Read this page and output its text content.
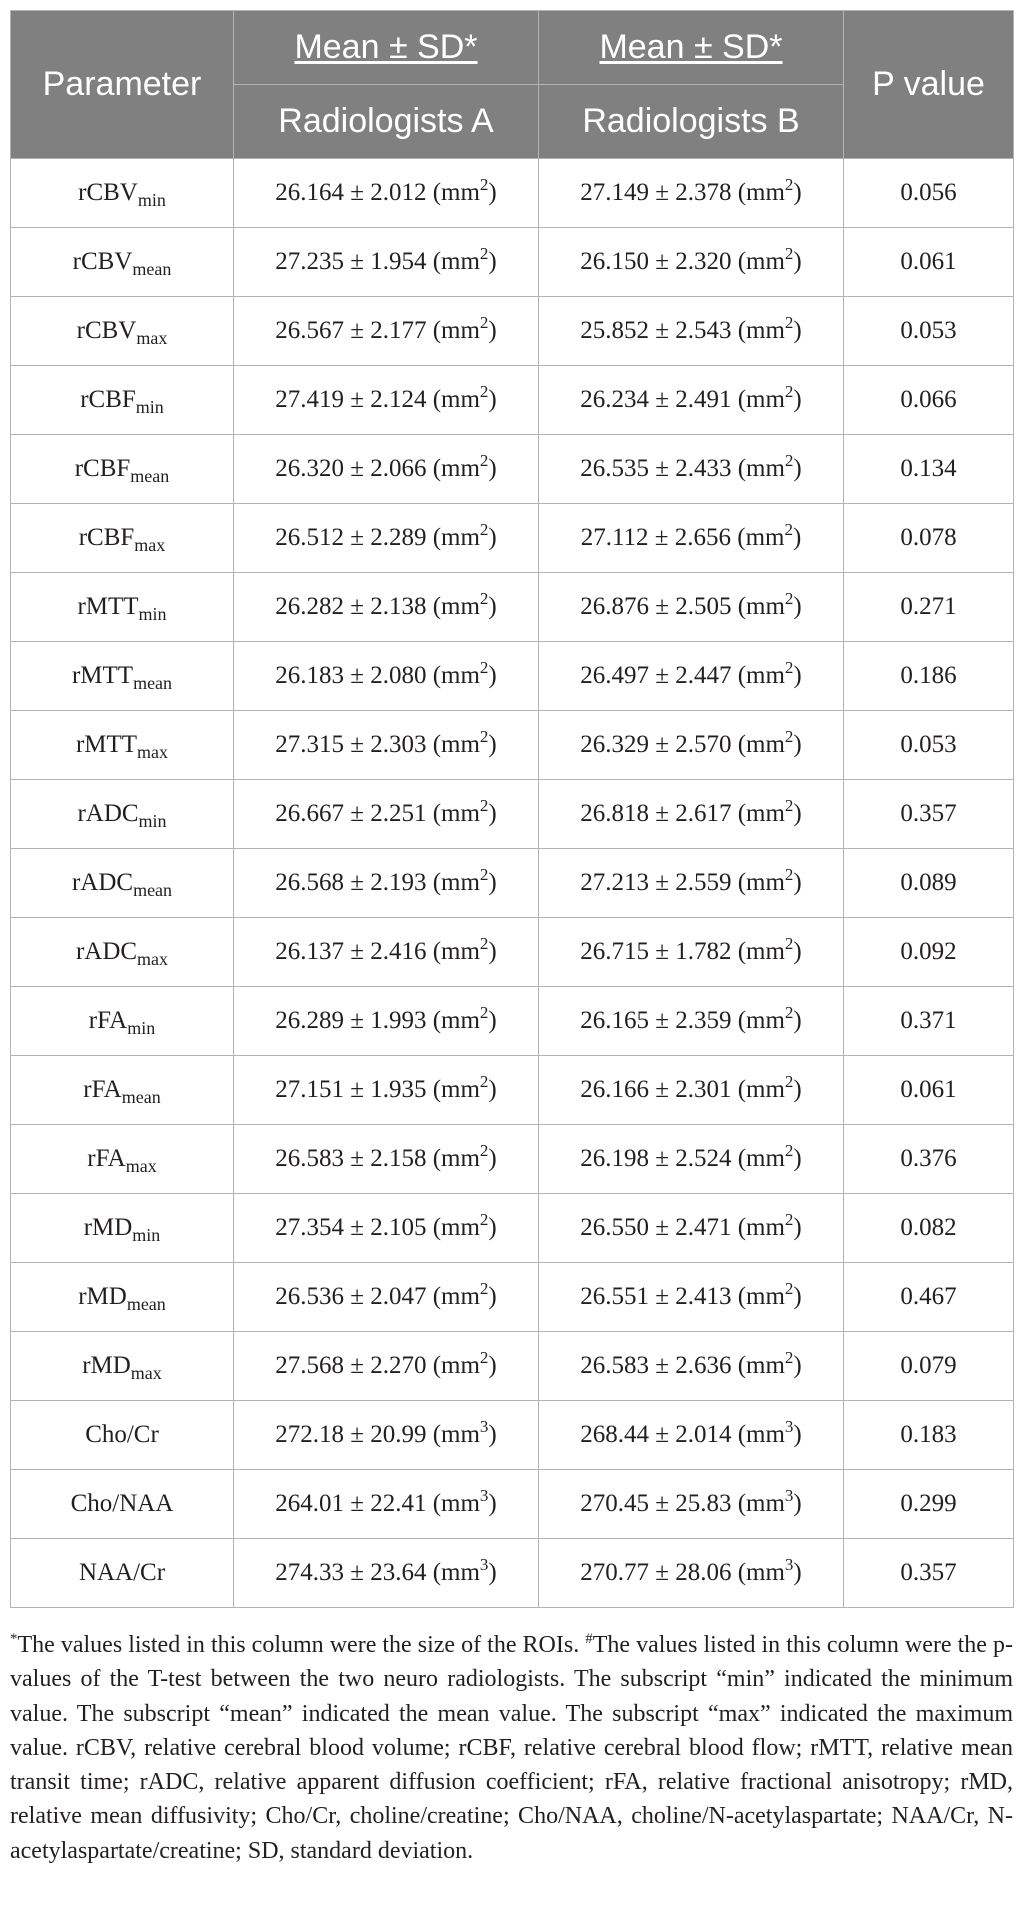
Parameter	Mean ± SD*	Mean ± SD*	P value
	Radiologists A	Radiologists B	
rCBV$_{min}$	26.164 ± 2.012 $(mm^2)$	27.149 ± 2.378 $(mm^2)$	0.056
rCBV$_{mean}$	27.235 ± 1.954 $(mm^2)$	26.150 ± 2.320 $(mm^2)$	0.061
rCBV$_{max}$	26.567 ± 2.177 $(mm^2)$	25.852 ± 2.543 $(mm^2)$	0.053
rCBF$_{min}$	27.419 ± 2.124 $(mm^2)$	26.234 ± 2.491 $(mm^2)$	0.066
rCBF$_{mean}$	26.320 ± 2.066 $(mm^2)$	26.535 ± 2.433 $(mm^2)$	0.134
rCBF$_{max}$	26.512 ± 2.289 $(mm^2)$	27.112 ± 2.656 $(mm^2)$	0.078
rMTT$_{min}$	26.282 ± 2.138 $(mm^2)$	26.876 ± 2.505 $(mm^2)$	0.271
rMTT$_{mean}$	26.183 ± 2.080 $(mm^2)$	26.497 ± 2.447 $(mm^2)$	0.186
rMTT$_{max}$	27.315 ± 2.303 $(mm^2)$	26.329 ± 2.570 $(mm^2)$	0.053
rADC$_{min}$	26.667 ± 2.251 $(mm^2)$	26.818 ± 2.617 $(mm^2)$	0.357
rADC$_{mean}$	26.568 ± 2.193 $(mm^2)$	27.213 ± 2.559 $(mm^2)$	0.089
rADC$_{max}$	26.137 ± 2.416 $(mm^2)$	26.715 ± 1.782 $(mm^2)$	0.092
rFA$_{min}$	26.289 ± 1.993 $(mm^2)$	26.165 ± 2.359 $(mm^2)$	0.371
rFA$_{mean}$	27.151 ± 1.935 $(mm^2)$	26.166 ± 2.301 $(mm^2)$	0.061
rFA$_{max}$	26.583 ± 2.158 $(mm^2)$	26.198 ± 2.524 $(mm^2)$	0.376
rMD$_{min}$	27.354 ± 2.105 $(mm^2)$	26.550 ± 2.471 $(mm^2)$	0.082
rMD$_{mean}$	26.536 ± 2.047 $(mm^2)$	26.551 ± 2.413 $(mm^2)$	0.467
rMD$_{max}$	27.568 ± 2.270 $(mm^2)$	26.583 ± 2.636 $(mm^2)$	0.079
Cho/Cr	272.18 ± 20.99 $(mm^3)$	268.44 ± 2.014 $(mm^3)$	0.183
Cho/NAA	264.01 ± 22.41 $(mm^3)$	270.45 ± 25.83 $(mm^3)$	0.299
NAA/Cr	274.33 ± 23.64 $(mm^3)$	270.77 ± 28.06 $(mm^3)$	0.357
*The values listed in this column were the size of the ROIs. #The values listed in this column were the p-values of the T-test between the two neuro radiologists. The subscript “min” indicated the minimum value. The subscript “mean” indicated the mean value. The subscript “max” indicated the maximum value. rCBV, relative cerebral blood volume; rCBF, relative cerebral blood flow; rMTT, relative mean transit time; rADC, relative apparent diffusion coefficient; rFA, relative fractional anisotropy; rMD, relative mean diffusivity; Cho/Cr, choline/creatine; Cho/NAA, choline/N-acetylaspartate; NAA/Cr, N-acetylaspartate/creatine; SD, standard deviation.
